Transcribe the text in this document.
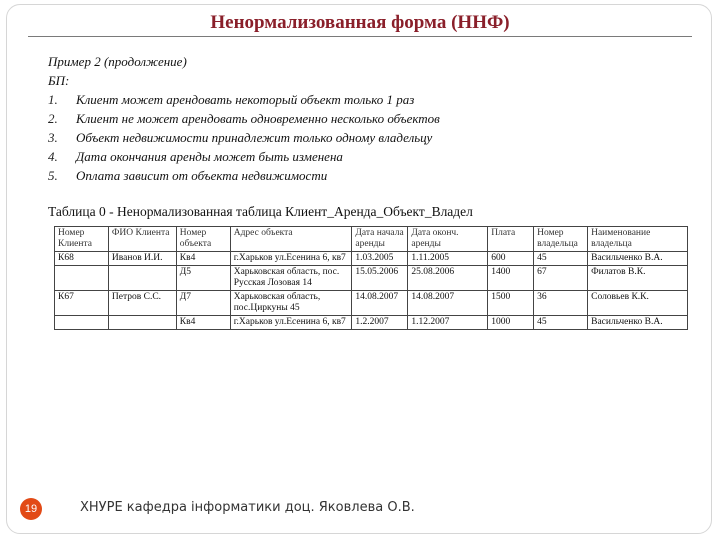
Ненормализованная форма (ННФ)
Пример 2 (продолжение)
БП:
1.	Клиент может арендовать некоторый объект только 1 раз
2.	Клиент не может арендовать одновременно несколько объектов
3.	Объект недвижимости принадлежит только одному владельцу
4.	Дата окончания аренды может быть изменена
5.	Оплата зависит от объекта недвижимости
Таблица 0 - Ненормализованная таблица Клиент_Аренда_Объект_Владел
Номер Клиента	ФИО Клиента	Номер объекта	Адрес объекта	Дата начала аренды	Дата оконч. аренды	Плата	Номер владельца	Наименование владельца
К68	Иванов И.И.	Кв4	г.Харьков ул.Есенина 6, кв7	1.03.2005	1.11.2005	600	45	Васильченко В.А.
		Д5	Харьковская область, пос. Русская Лозовая 14	15.05.2006	25.08.2006	1400	67	Филатов В.К.
К67	Петров С.С.	Д7	Харьковская область, пос.Циркуны 45	14.08.2007	14.08.2007	1500	36	Соловьев К.К.
		Кв4	г.Харьков ул.Есенина 6, кв7	1.2.2007	1.12.2007	1000	45	Васильченко В.А.
19	ХНУРЕ кафедра інформатики доц. Яковлева О.В.
